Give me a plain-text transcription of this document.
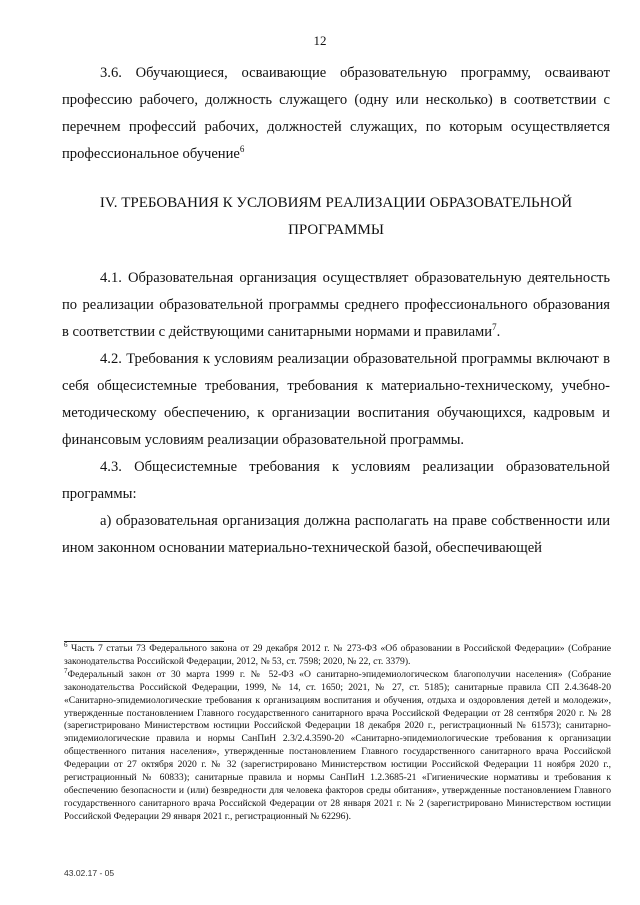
12

3.6. Обучающиеся, осваивающие образовательную программу, осваивают профессию рабочего, должность служащего (одну или несколько) в соответствии с перечнем профессий рабочих, должностей служащих, по которым осуществляется профессиональное обучение$^6$

IV. ТРЕБОВАНИЯ К УСЛОВИЯМ РЕАЛИЗАЦИИ ОБРАЗОВАТЕЛЬНОЙ
ПРОГРАММЫ

4.1. Образовательная организация осуществляет образовательную деятельность по реализации образовательной программы среднего профессионального образования в соответствии с действующими санитарными нормами и правилами$^7$.

4.2. Требования к условиям реализации образовательной программы включают в себя общесистемные требования, требования к материально-техническому, учебно-методическому обеспечению, к организации воспитания обучающихся, кадровым и финансовым условиям реализации образовательной программы.

4.3. Общесистемные требования к условиям реализации образовательной программы:

а) образовательная организация должна располагать на праве собственности или ином законном основании материально-технической базой, обеспечивающей

$^6$ Часть 7 статьи 73 Федерального закона от 29 декабря 2012 г. № 273-ФЗ «Об образовании в Российской Федерации» (Собрание законодательства Российской Федерации, 2012, № 53, ст. 7598; 2020, № 22, ст. 3379).

$^7$Федеральный закон от 30 марта 1999 г. № 52-ФЗ «О санитарно-эпидемиологическом благополучии населения» (Собрание законодательства Российской Федерации, 1999, № 14, ст. 1650; 2021, № 27, ст. 5185); санитарные правила СП 2.4.3648-20 «Санитарно-эпидемиологические требования к организациям воспитания и обучения, отдыха и оздоровления детей и молодежи», утвержденные постановлением Главного государственного санитарного врача Российской Федерации от 28 сентября 2020 г. № 28 (зарегистрировано Министерством юстиции Российской Федерации 18 декабря 2020 г., регистрационный № 61573); санитарно-эпидемиологические правила и нормы СанПиН 2.3/2.4.3590-20 «Санитарно-эпидемиологические требования к организации общественного питания населения», утвержденные постановлением Главного государственного санитарного врача Российской Федерации от 27 октября 2020 г. № 32 (зарегистрировано Министерством юстиции Российской Федерации 11 ноября 2020 г., регистрационный № 60833); санитарные правила и нормы СанПиН 1.2.3685-21 «Гигиенические нормативы и требования к обеспечению безопасности и (или) безвредности для человека факторов среды обитания», утвержденные постановлением Главного государственного санитарного врача Российской Федерации от 28 января 2021 г. № 2 (зарегистрировано Министерством юстиции Российской Федерации 29 января 2021 г., регистрационный № 62296).

43.02.17 - 05
